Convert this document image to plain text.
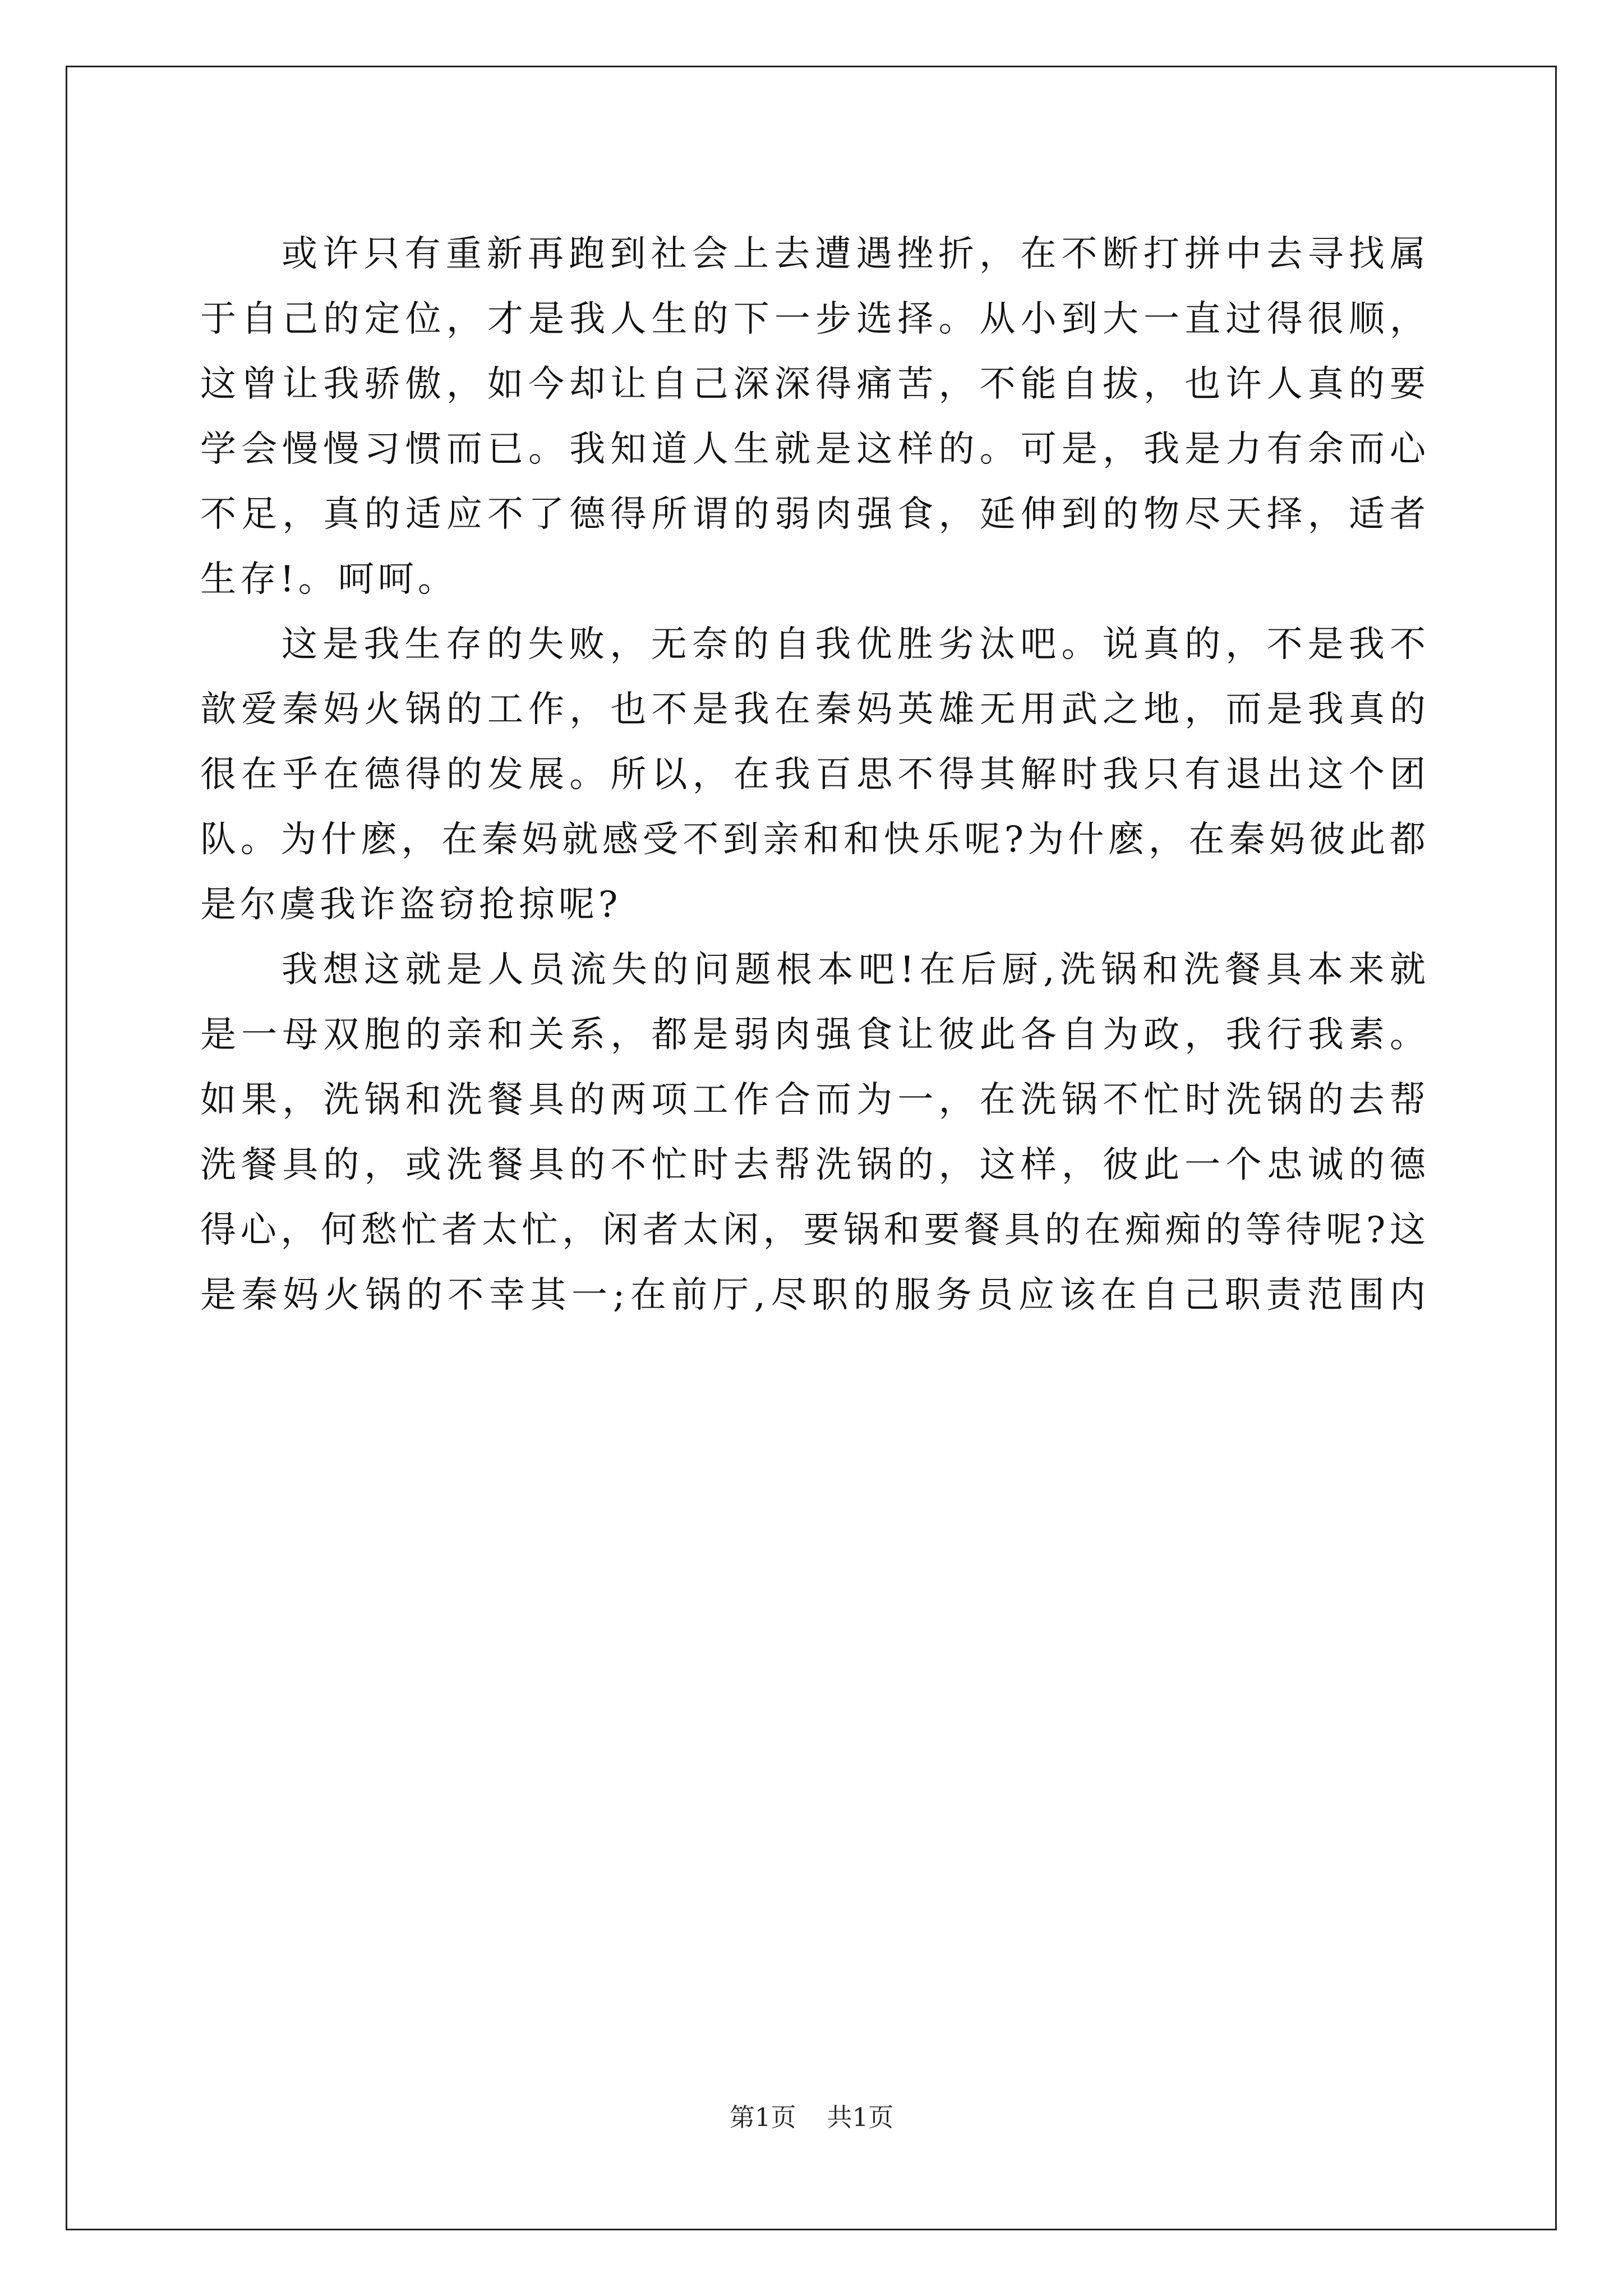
或许只有重新再跑到社会上去遭遇挫折，在不断打拼中去寻找属
于自己的定位，才是我人生的下一步选择。从小到大一直过得很顺，
这曾让我骄傲，如今却让自己深深得痛苦，不能自拔，也许人真的要
学会慢慢习惯而已。我知道人生就是这样的。可是，我是力有余而心
不足，真的适应不了德得所谓的弱肉强食，延伸到的物尽天择，适者
生存!。呵呵。
这是我生存的失败，无奈的自我优胜劣汰吧。说真的，不是我不
歆爱秦妈火锅的工作，也不是我在秦妈英雄无用武之地，而是我真的
很在乎在德得的发展。所以，在我百思不得其解时我只有退出这个团
队。为什麽，在秦妈就感受不到亲和和快乐呢?为什麽，在秦妈彼此都
是尔虞我诈盗窃抢掠呢?
我想这就是人员流失的问题根本吧!在后厨,洗锅和洗餐具本来就
是一母双胞的亲和关系，都是弱肉强食让彼此各自为政，我行我素。
如果，洗锅和洗餐具的两项工作合而为一，在洗锅不忙时洗锅的去帮
洗餐具的，或洗餐具的不忙时去帮洗锅的，这样，彼此一个忠诚的德
得心，何愁忙者太忙，闲者太闲，要锅和要餐具的在痴痴的等待呢?这
是秦妈火锅的不幸其一;在前厅,尽职的服务员应该在自己职责范围内
第1页 共1页
